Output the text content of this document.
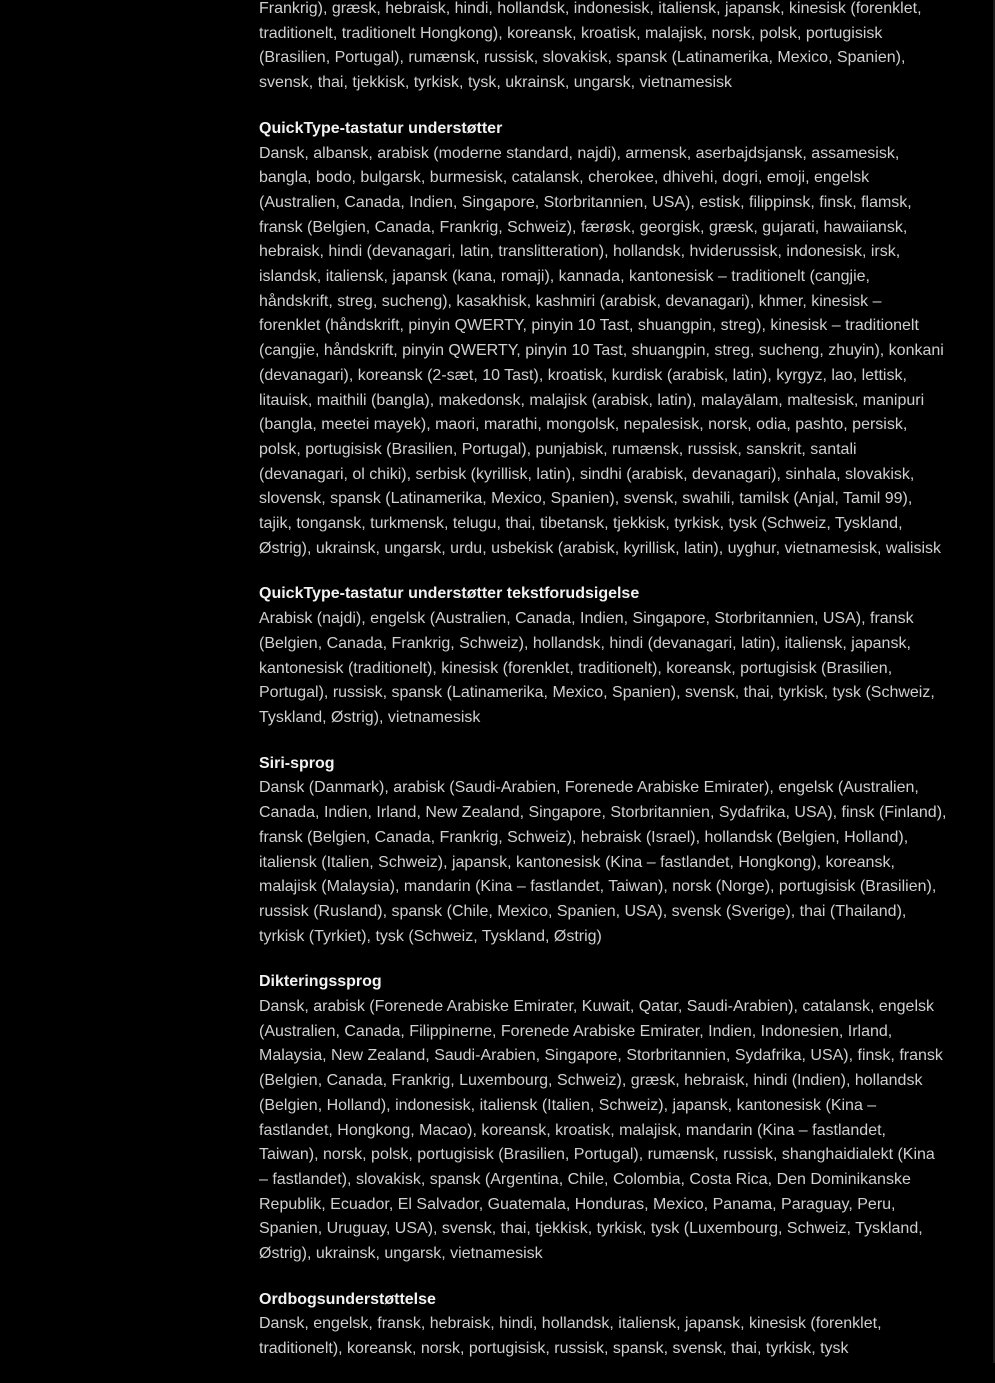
Frankrig), græsk, hebraisk, hindi, hollandsk, indonesisk, italiensk, japansk, kinesisk (forenklet,
traditionelt, traditionelt Hongkong), koreansk, kroatisk, malajisk, norsk, polsk, portugisisk
(Brasilien, Portugal), rumænsk, russisk, slovakisk, spansk (Latinamerika, Mexico, Spanien),
svensk, thai, tjekkisk, tyrkisk, tysk, ukrainsk, ungarsk, vietnamesisk

QuickType-tastatur understøtter

Dansk, albansk, arabisk (moderne standard, najdi), armensk, aserbajdsjansk, assamesisk,
bangla, bodo, bulgarsk, burmesisk, catalansk, cherokee, dhivehi, dogri, emoji, engelsk
(Australien, Canada, Indien, Singapore, Storbritannien, USA), estisk, filippinsk, finsk, flamsk,
fransk (Belgien, Canada, Frankrig, Schweiz), færøsk, georgisk, græsk, gujarati, hawaiiansk,
hebraisk, hindi (devanagari, latin, translitteration), hollandsk, hviderussisk, indonesisk, irsk,
islandsk, italiensk, japansk (kana, romaji), kannada, kantonesisk – traditionelt (cangjie,
håndskrift, streg, sucheng), kasakhisk, kashmiri (arabisk, devanagari), khmer, kinesisk –
forenklet (håndskrift, pinyin QWERTY, pinyin 10 Tast, shuangpin, streg), kinesisk – traditionelt
(cangjie, håndskrift, pinyin QWERTY, pinyin 10 Tast, shuangpin, streg, sucheng, zhuyin), konkani
(devanagari), koreansk (2-sæt, 10 Tast), kroatisk, kurdisk (arabisk, latin), kyrgyz, lao, lettisk,
litauisk, maithili (bangla), makedonsk, malajisk (arabisk, latin), malayālam, maltesisk, manipuri
(bangla, meetei mayek), maori, marathi, mongolsk, nepalesisk, norsk, odia, pashto, persisk,
polsk, portugisisk (Brasilien, Portugal), punjabisk, rumænsk, russisk, sanskrit, santali
(devanagari, ol chiki), serbisk (kyrillisk, latin), sindhi (arabisk, devanagari), sinhala, slovakisk,
slovensk, spansk (Latinamerika, Mexico, Spanien), svensk, swahili, tamilsk (Anjal, Tamil 99),
tajik, tongansk, turkmensk, telugu, thai, tibetansk, tjekkisk, tyrkisk, tysk (Schweiz, Tyskland,
Østrig), ukrainsk, ungarsk, urdu, usbekisk (arabisk, kyrillisk, latin), uyghur, vietnamesisk, walisisk

QuickType-tastatur understøtter tekstforudsigelse

Arabisk (najdi), engelsk (Australien, Canada, Indien, Singapore, Storbritannien, USA), fransk
(Belgien, Canada, Frankrig, Schweiz), hollandsk, hindi (devanagari, latin), italiensk, japansk,
kantonesisk (traditionelt), kinesisk (forenklet, traditionelt), koreansk, portugisisk (Brasilien,
Portugal), russisk, spansk (Latinamerika, Mexico, Spanien), svensk, thai, tyrkisk, tysk (Schweiz,
Tyskland, Østrig), vietnamesisk

Siri-sprog

Dansk (Danmark), arabisk (Saudi-Arabien, Forenede Arabiske Emirater), engelsk (Australien,
Canada, Indien, Irland, New Zealand, Singapore, Storbritannien, Sydafrika, USA), finsk (Finland),
fransk (Belgien, Canada, Frankrig, Schweiz), hebraisk (Israel), hollandsk (Belgien, Holland),
italiensk (Italien, Schweiz), japansk, kantonesisk (Kina – fastlandet, Hongkong), koreansk,
malajisk (Malaysia), mandarin (Kina – fastlandet, Taiwan), norsk (Norge), portugisisk (Brasilien),
russisk (Rusland), spansk (Chile, Mexico, Spanien, USA), svensk (Sverige), thai (Thailand),
tyrkisk (Tyrkiet), tysk (Schweiz, Tyskland, Østrig)

Dikteringssprog

Dansk, arabisk (Forenede Arabiske Emirater, Kuwait, Qatar, Saudi-Arabien), catalansk, engelsk
(Australien, Canada, Filippinerne, Forenede Arabiske Emirater, Indien, Indonesien, Irland,
Malaysia, New Zealand, Saudi-Arabien, Singapore, Storbritannien, Sydafrika, USA), finsk, fransk
(Belgien, Canada, Frankrig, Luxembourg, Schweiz), græsk, hebraisk, hindi (Indien), hollandsk
(Belgien, Holland), indonesisk, italiensk (Italien, Schweiz), japansk, kantonesisk (Kina –
fastlandet, Hongkong, Macao), koreansk, kroatisk, malajisk, mandarin (Kina – fastlandet,
Taiwan), norsk, polsk, portugisisk (Brasilien, Portugal), rumænsk, russisk, shanghaidialekt (Kina
– fastlandet), slovakisk, spansk (Argentina, Chile, Colombia, Costa Rica, Den Dominikanske
Republik, Ecuador, El Salvador, Guatemala, Honduras, Mexico, Panama, Paraguay, Peru,
Spanien, Uruguay, USA), svensk, thai, tjekkisk, tyrkisk, tysk (Luxembourg, Schweiz, Tyskland,
Østrig), ukrainsk, ungarsk, vietnamesisk

Ordbogsunderstøttelse

Dansk, engelsk, fransk, hebraisk, hindi, hollandsk, italiensk, japansk, kinesisk (forenklet,
traditionelt), koreansk, norsk, portugisisk, russisk, spansk, svensk, thai, tyrkisk, tysk
